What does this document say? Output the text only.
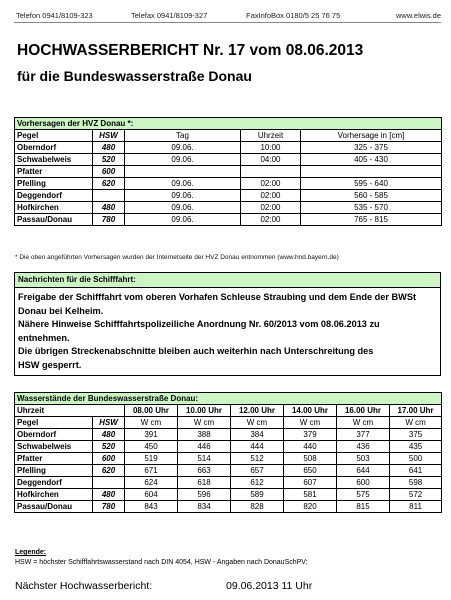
Telefon 0941/8109-323	Telefax 0941/8109-327	FaxInfoBox 0180/5 25 76 75	www.elwis.de
HOCHWASSERBERICHT Nr. 17 vom 08.06.2013
für die Bundeswasserstraße Donau
Vorhersagen der HVZ Donau *:				
Pegel	HSW	Tag	Uhrzeit	Vorhersage in [cm]
Oberndorf	480	09.06.	10:00	325 - 375
Schwabelweis	520	09.06.	04:00	405 - 430
Pfatter	600			
Pfelling	620	09.06.	02:00	595 - 640
Deggendorf		09.06.	02:00	560 - 585
Hofkirchen	480	09.06.	02:00	535 - 570
Passau/Donau	780	09.06.	02:00	765 - 815
* Die oben angeführten Vorhersagen wurden der Internetseite der HVZ Donau entnommen (www.hnd.bayern.de)
Nachrichten für die Schifffahrt:
Freigabe der Schifffahrt vom oberen Vorhafen Schleuse Straubing und dem Ende der BWSt
Donau bei Kelheim.
Nähere Hinweise Schifffahrtspolizeiliche Anordnung Nr. 60/2013 vom 08.06.2013 zu
entnehmen.
Die übrigen Streckenabschnitte bleiben auch weiterhin nach Unterschreitung des
HSW gesperrt.
Wasserstände der Bundeswasserstraße Donau:							
Uhrzeit		08.00 Uhr	10.00 Uhr	12.00 Uhr	14.00 Uhr	16.00 Uhr	17.00 Uhr
Pegel	HSW	W cm	W cm	W cm	W cm	W cm	W cm
Oberndorf	480	391	388	384	379	377	375
Schwabelweis	520	450	446	444	440	436	435
Pfatter	600	519	514	512	508	503	500
Pfelling	620	671	663	657	650	644	641
Deggendorf		624	618	612	607	600	598
Hofkirchen	480	604	596	589	581	575	572
Passau/Donau	780	843	834	828	820	815	811
Legende:
HSW = höchster Schifffahrtswasserstand nach DIN 4054, HSW - Angaben nach DonauSchPV;
Nächster Hochwasserbericht:	09.06.2013 11 Uhr
